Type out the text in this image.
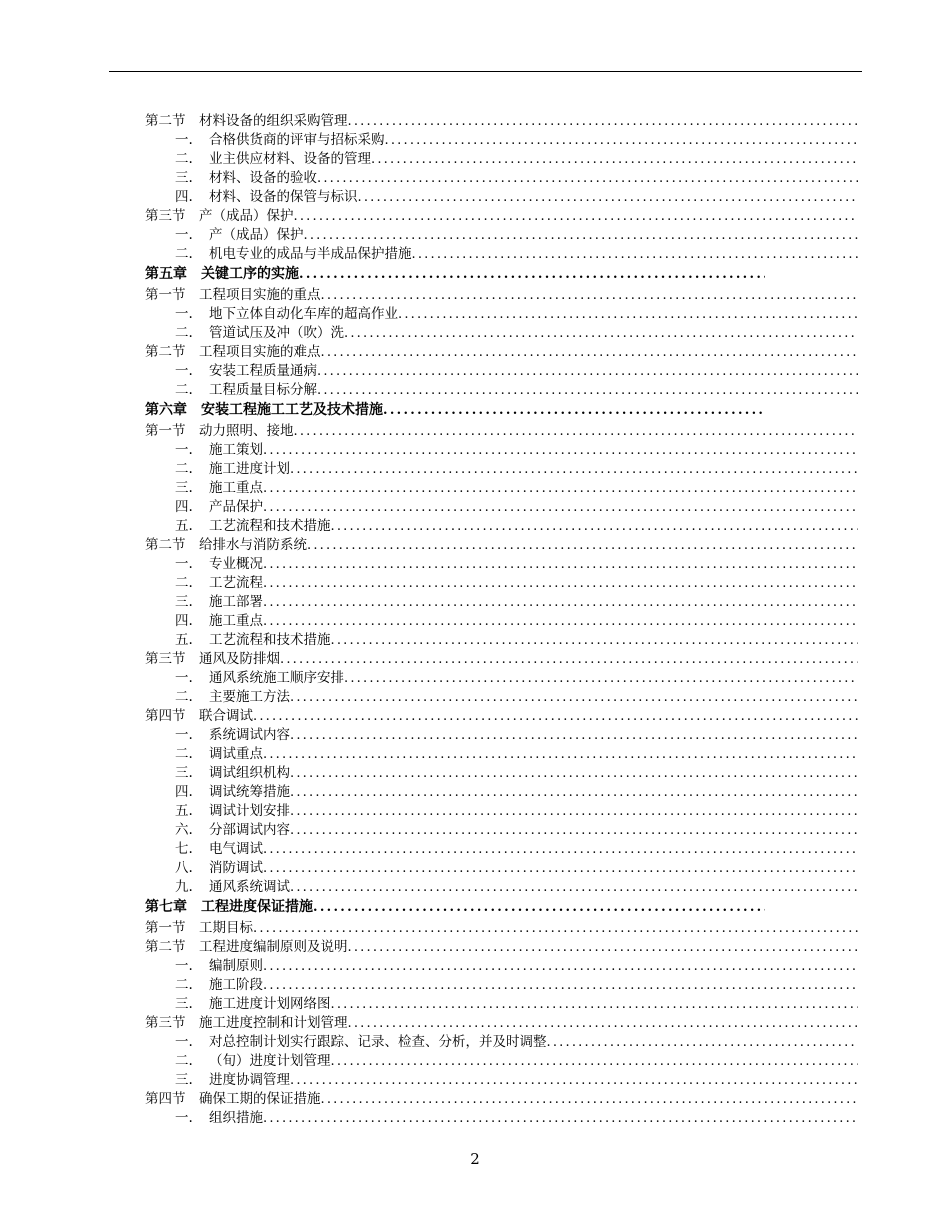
第二节	材料设备的组织采购管理
.....
一.	合格供货商的评审与招标采购
.....
二.	业主供应材料、设备的管理
.....
三.	材料、设备的验收
.....
四.	材料、设备的保管与标识
.....
第三节	产（成品）保护
.....
一.	产（成品）保护
.....
二.	机电专业的成品与半成品保护措施
.....
第五章	关键工序的实施
.....
第一节	工程项目实施的重点
.....
一.	地下立体自动化车库的超高作业
.....
二.	管道试压及冲（吹）洗
.....
第二节	工程项目实施的难点
.....
一.	安装工程质量通病
.....
二.	工程质量目标分解
.....
第六章	安装工程施工工艺及技术措施
.....
第一节	动力照明、接地
.....
一.	施工策划
.....
二.	施工进度计划
.....
三.	施工重点
.....
四.	产品保护
.....
五.	工艺流程和技术措施
.....
第二节	给排水与消防系统
.....
一.	专业概况
.....
二.	工艺流程
.....
三.	施工部署
.....
四.	施工重点
.....
五.	工艺流程和技术措施
.....
第三节	通风及防排烟
.....
一.	通风系统施工顺序安排
.....
二.	主要施工方法
.....
第四节	联合调试
.....
一.	系统调试内容
.....
二.	调试重点
.....
三.	调试组织机构
.....
四.	调试统筹措施
.....
五.	调试计划安排
.....
六.	分部调试内容
.....
七.	电气调试
.....
八.	消防调试
.....
九.	通风系统调试
.....
第七章	工程进度保证措施
.....
第一节	工期目标
.....
第二节	工程进度编制原则及说明
.....
一.	编制原则
.....
二.	施工阶段
.....
三.	施工进度计划网络图
.....
第三节	施工进度控制和计划管理
.....
一.	对总控制计划实行跟踪、记录、检查、分析，并及时调整
.....
二.	（旬）进度计划管理
.....
三.	进度协调管理
.....
第四节	确保工期的保证措施
.....
一.	组织措施
.....
2
